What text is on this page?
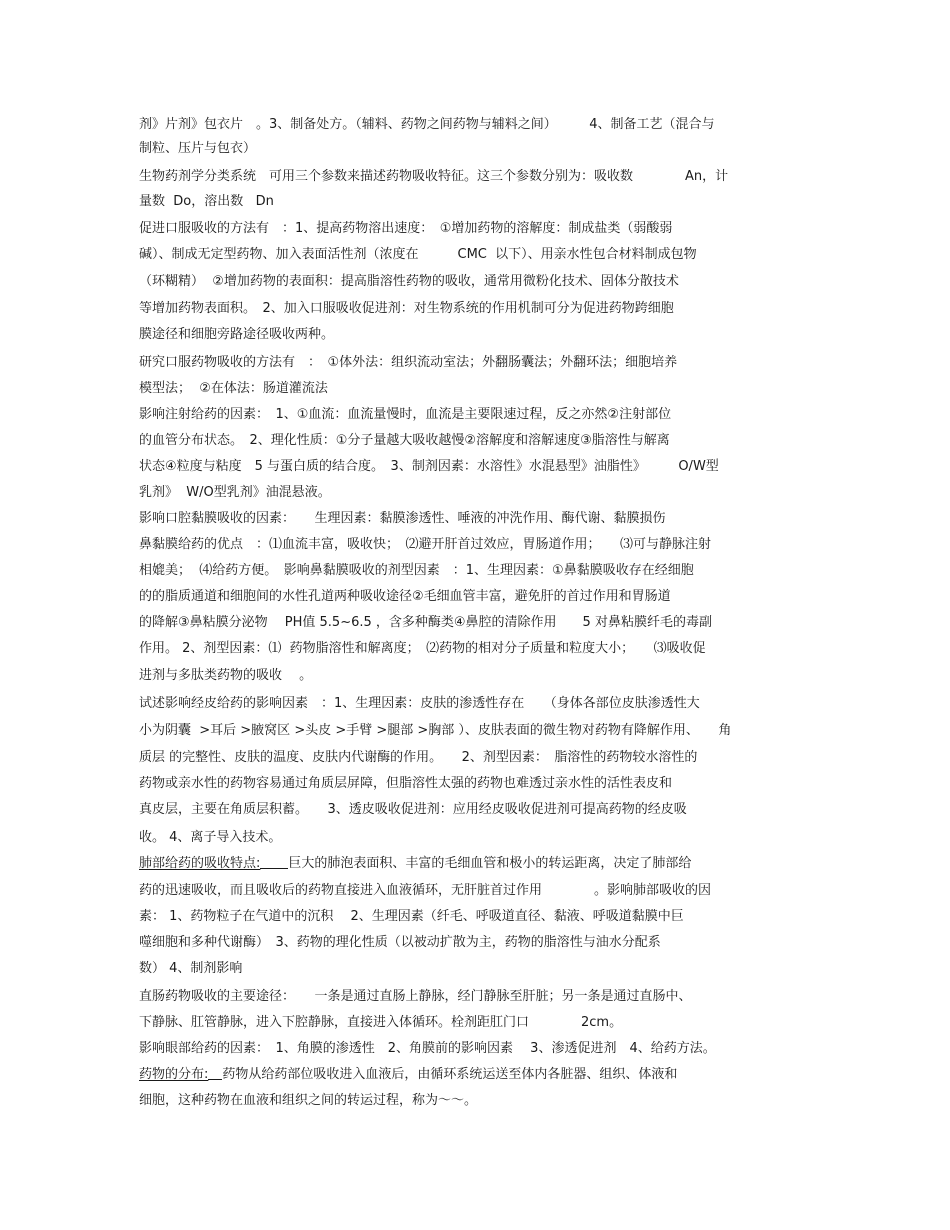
剂》片剂》包衣片　。3、制备处方。（辅料、药物之间药物与辅料之间）　　　4、制备工艺（混合与
制粒、压片与包衣）
生物药剂学分类系统　可用三个参数来描述药物吸收特征。这三个参数分别为：吸收数　　　　An，计
量数  Do，溶出数   Dn
促进口服吸收的方法有　：1、提高药物溶出速度：　①增加药物的溶解度：制成盐类（弱酸弱
碱）、制成无定型药物、加入表面活性剂（浓度在　　　CMC  以下）、用亲水性包合材料制成包物
（环糊精）  ②增加药物的表面积：提高脂溶性药物的吸收，通常用微粉化技术、固体分散技术
等增加药物表面积。　2、加入口服吸收促进剂：对生物系统的作用机制可分为促进药物跨细胞
膜途径和细胞旁路途径吸收两种。
研究口服药物吸收的方法有　：　①体外法：组织流动室法；外翻肠囊法；外翻环法；细胞培养
模型法；  ②在体法：肠道灌流法
影响注射给药的因素：　1、①血流：血流量慢时，血流是主要限速过程，反之亦然②注射部位
的血管分布状态。　2、理化性质：①分子量越大吸收越慢②溶解度和溶解速度③脂溶性与解离
状态④粒度与粘度　5 与蛋白质的结合度。　3、制剂因素：水溶性》水混悬型》油脂性》　　　O/W型
乳剂》  W/O型乳剂》油混悬液。
影响口腔黏膜吸收的因素：　　生理因素：黏膜渗透性、唾液的冲洗作用、酶代谢、黏膜损伤
鼻黏膜给药的优点　：⑴血流丰富，吸收快；　⑵避开肝首过效应，胃肠道作用；　　⑶可与静脉注射
相媲美；  ⑷给药方便。　影响鼻黏膜吸收的剂型因素　：1、生理因素：①鼻黏膜吸收存在经细胞
的的脂质通道和细胞间的水性孔道两种吸收途径②毛细血管丰富，避免肝的首过作用和胃肠道
的降解③鼻粘膜分泌物　 PH值 5.5~6.5 ，含多种酶类④鼻腔的清除作用　　5 对鼻粘膜纤毛的毒副
作用。 2、剂型因素：⑴  药物脂溶性和解离度；　⑵药物的相对分子质量和粒度大小；　　⑶吸收促
进剂与多肽类药物的吸收　 。
试述影响经皮给药的影响因素　：1、生理因素：皮肤的渗透性存在　　（身体各部位皮肤渗透性大
小为阴囊  >耳后 >腋窝区 >头皮 >手臂 >腿部 >胸部 ）、皮肤表面的微生物对药物有降解作用、　　角
质层 的完整性、皮肤的温度、皮肤内代谢酶的作用。　　2、剂型因素：　脂溶性的药物较水溶性的
药物或亲水性的药物容易通过角质层屏障，但脂溶性太强的药物也难透过亲水性的活性表皮和
真皮层，主要在角质层积蓄。　　3、透皮吸收促进剂：应用经皮吸收促进剂可提高药物的经皮吸
收。 4、离子导入技术。
肺部给药的吸收特点: 巨大的肺泡表面积、丰富的毛细血管和极小的转运距离，决定了肺部给
药的迅速吸收，而且吸收后的药物直接进入血液循环，无肝脏首过作用　　　　。影响肺部吸收的因
素： 1、药物粒子在气道中的沉积　 2、生理因素（纤毛、呼吸道直径、黏液、呼吸道黏膜中巨
噬细胞和多种代谢酶）　3、药物的理化性质（以被动扩散为主，药物的脂溶性与油水分配系
数） 4、制剂影响
直肠药物吸收的主要途径：　　一条是通过直肠上静脉，经门静脉至肝脏；另一条是通过直肠中、
下静脉、肛管静脉，进入下腔静脉，直接进入体循环。栓剂距肛门口　　　　2cm。
影响眼部给药的因素：　1、角膜的渗透性　2、角膜前的影响因素　 3、渗透促进剂　4、给药方法。
药物的分布: 药物从给药部位吸收进入血液后，由循环系统运送至体内各脏器、组织、体液和
细胞，这种药物在血液和组织之间的转运过程，称为～～。
